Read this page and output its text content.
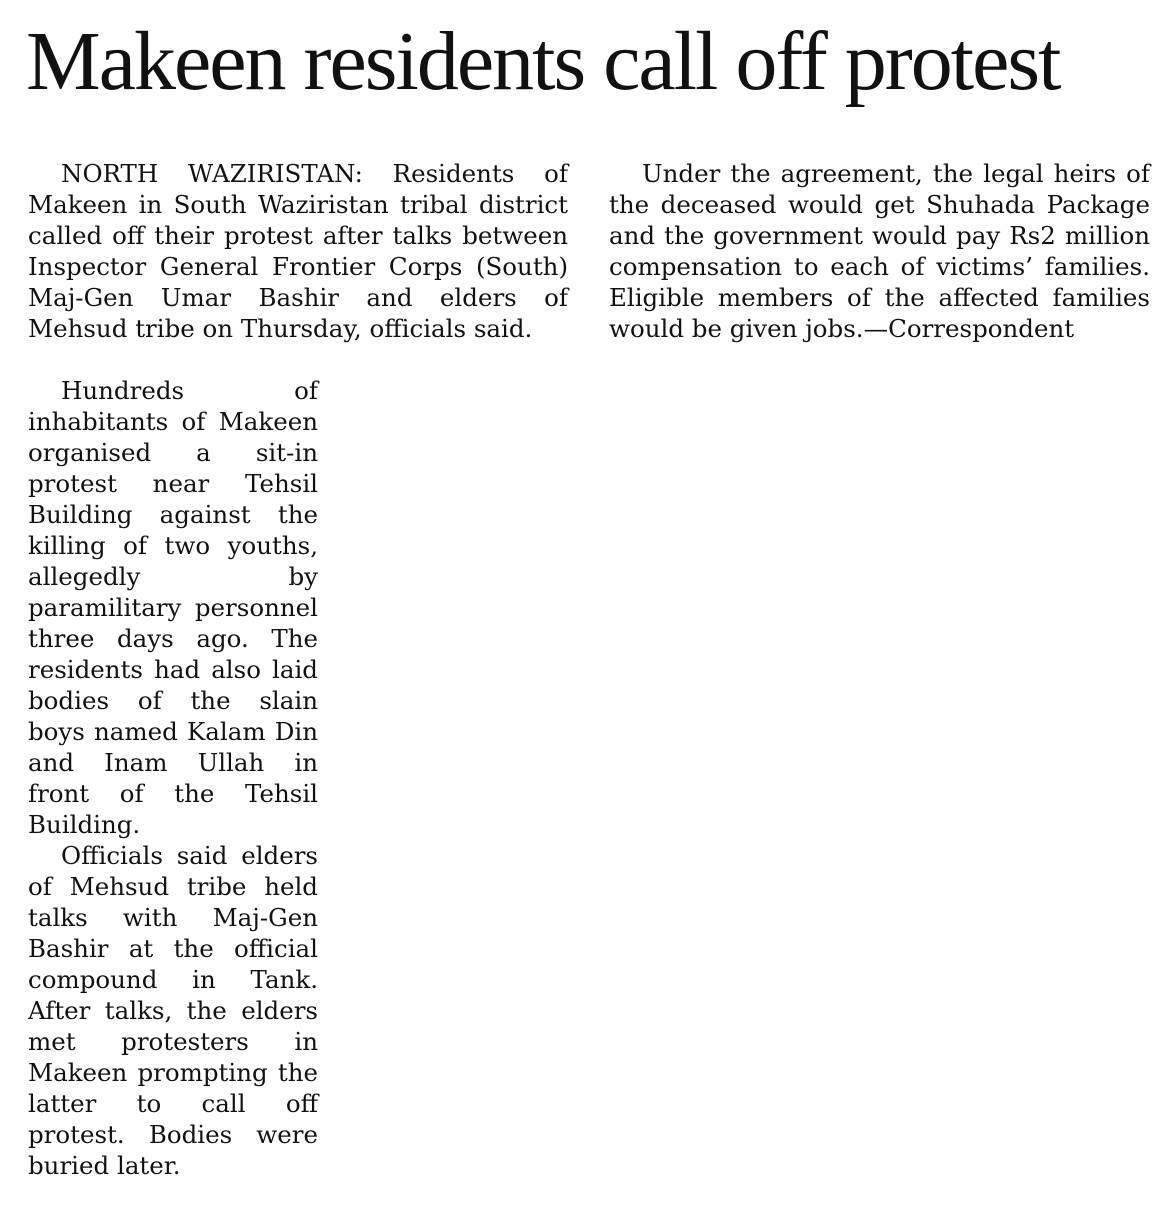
Makeen residents call off protest

NORTH WAZIRISTAN: Residents of Makeen in South Waziristan tribal district called off their protest after talks between Inspector General Frontier Corps (South) Maj-Gen Umar Bashir and elders of Mehsud tribe on Thursday, officials said.

Hundreds of inhabitants of Makeen organised a sit-in protest near Tehsil Building against the killing of two youths, allegedly by paramilitary personnel three days ago. The residents had also laid bodies of the slain boys named Kalam Din and Inam Ullah in front of the Tehsil Building.

Officials said elders of Mehsud tribe held talks with Maj-Gen Bashir at the official compound in Tank. After talks, the elders met protesters in Makeen prompting the latter to call off protest. Bodies were buried later.

Under the agreement, the legal heirs of the deceased would get Shuhada Package and the government would pay Rs2 million compensation to each of victims’ families. Eligible members of the affected families would be given jobs.—Correspondent
